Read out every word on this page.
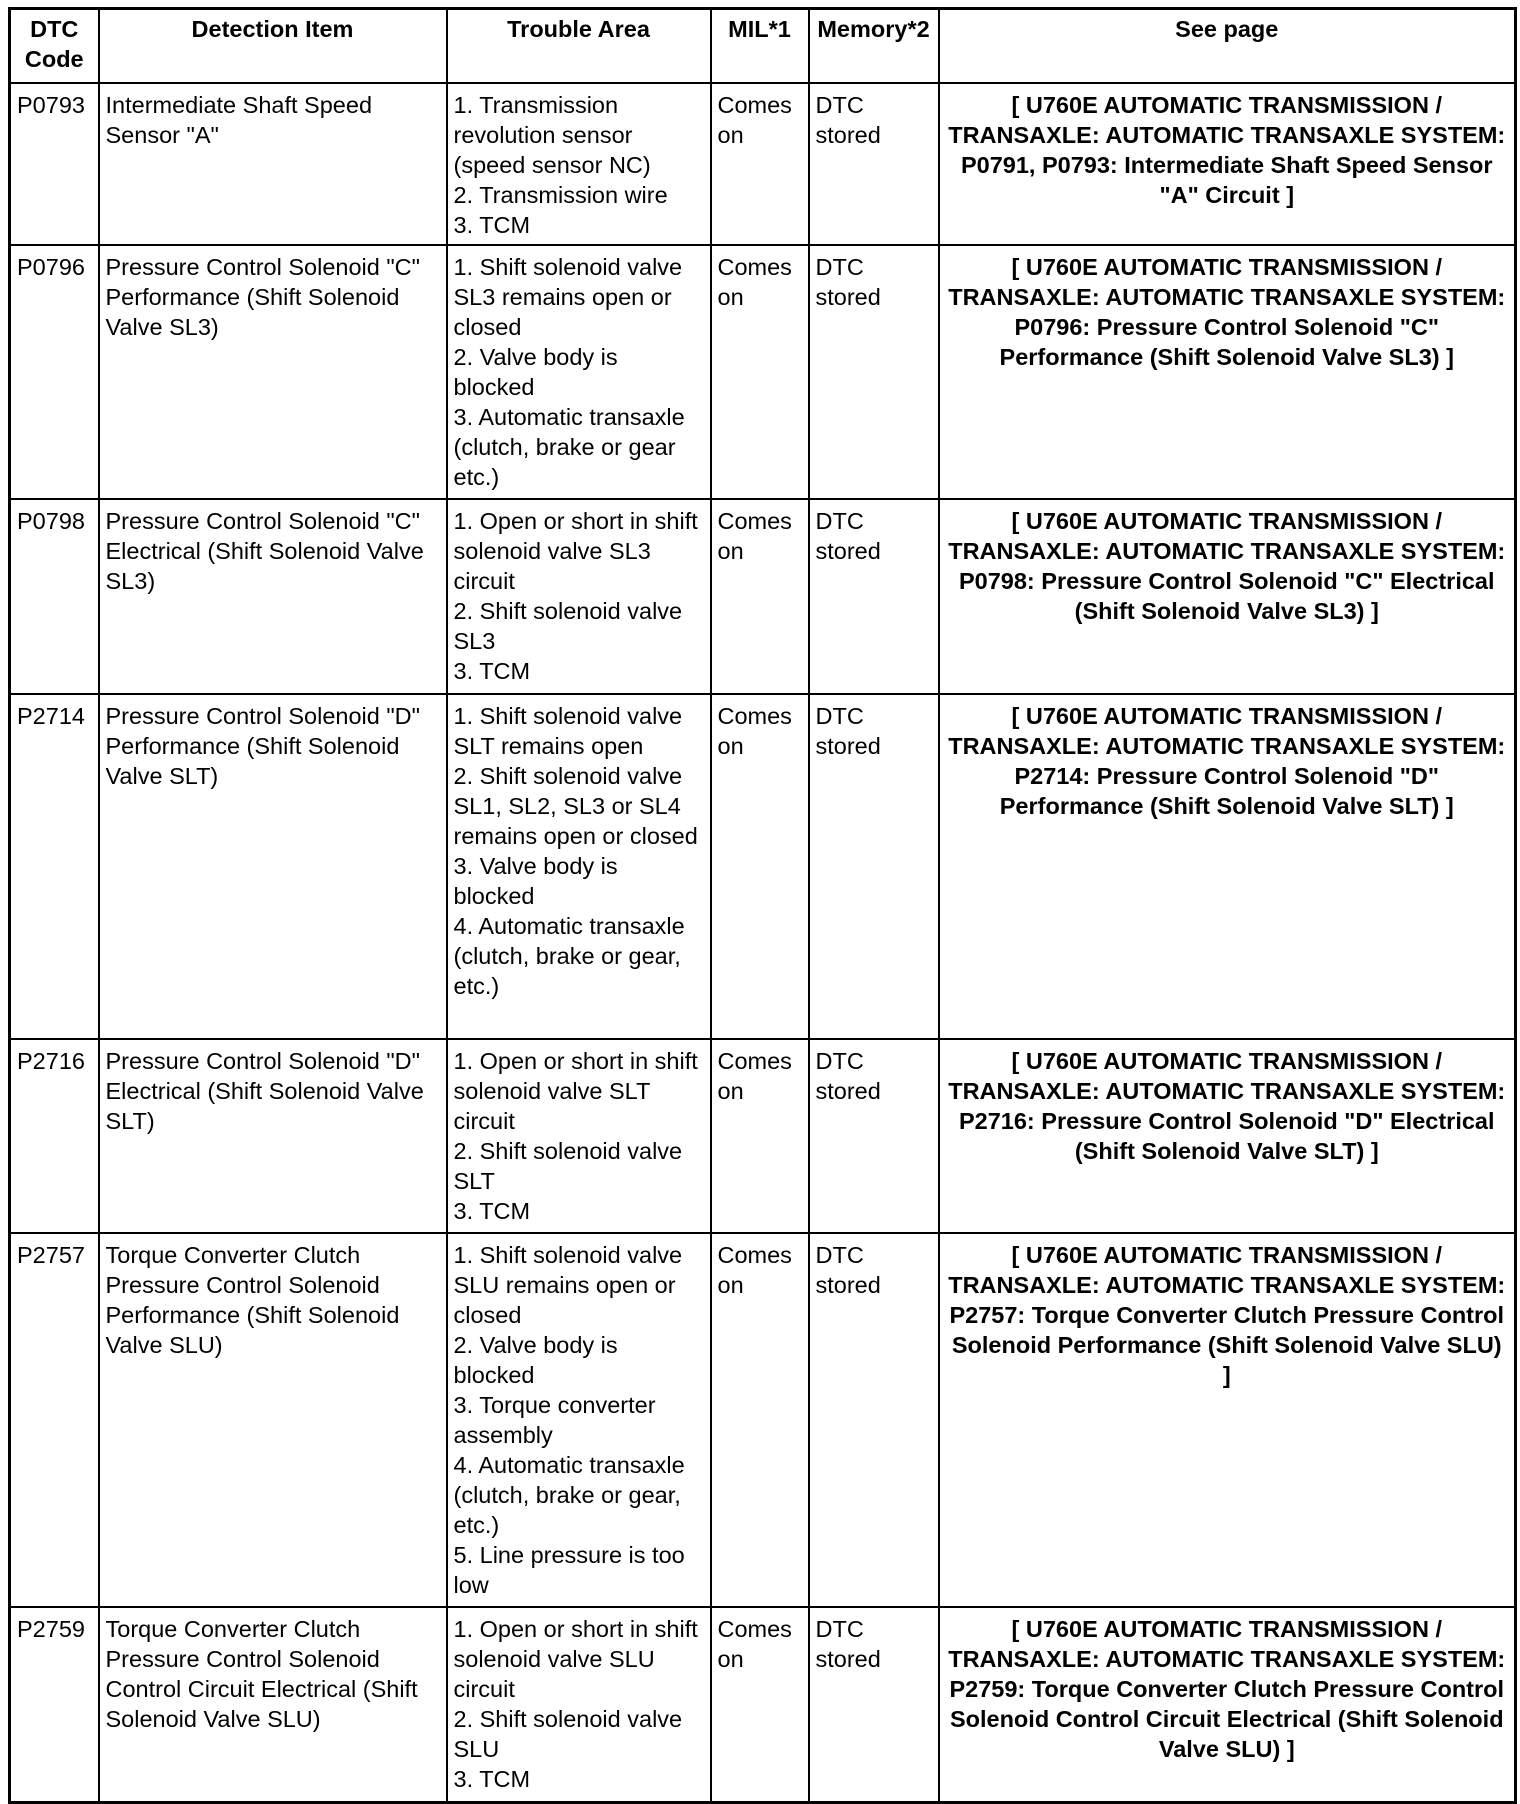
DTC Code	Detection Item	Trouble Area	MIL*1	Memory*2	See page
P0793	Intermediate Shaft Speed Sensor "A"	1. Transmission revolution sensor (speed sensor NC)
2. Transmission wire
3. TCM	Comes on	DTC stored	[ U760E AUTOMATIC TRANSMISSION / TRANSAXLE: AUTOMATIC TRANSAXLE SYSTEM: P0791, P0793: Intermediate Shaft Speed Sensor "A" Circuit ]
P0796	Pressure Control Solenoid "C" Performance (Shift Solenoid Valve SL3)	1. Shift solenoid valve SL3 remains open or closed
2. Valve body is blocked
3. Automatic transaxle (clutch, brake or gear etc.)	Comes on	DTC stored	[ U760E AUTOMATIC TRANSMISSION / TRANSAXLE: AUTOMATIC TRANSAXLE SYSTEM: P0796: Pressure Control Solenoid "C" Performance (Shift Solenoid Valve SL3) ]
P0798	Pressure Control Solenoid "C" Electrical (Shift Solenoid Valve SL3)	1. Open or short in shift solenoid valve SL3 circuit
2. Shift solenoid valve SL3
3. TCM	Comes on	DTC stored	[ U760E AUTOMATIC TRANSMISSION / TRANSAXLE: AUTOMATIC TRANSAXLE SYSTEM: P0798: Pressure Control Solenoid "C" Electrical (Shift Solenoid Valve SL3) ]
P2714	Pressure Control Solenoid "D" Performance (Shift Solenoid Valve SLT)	1. Shift solenoid valve SLT remains open
2. Shift solenoid valve SL1, SL2, SL3 or SL4 remains open or closed
3. Valve body is blocked
4. Automatic transaxle (clutch, brake or gear, etc.)	Comes on	DTC stored	[ U760E AUTOMATIC TRANSMISSION / TRANSAXLE: AUTOMATIC TRANSAXLE SYSTEM: P2714: Pressure Control Solenoid "D" Performance (Shift Solenoid Valve SLT) ]
P2716	Pressure Control Solenoid "D" Electrical (Shift Solenoid Valve SLT)	1. Open or short in shift solenoid valve SLT circuit
2. Shift solenoid valve SLT
3. TCM	Comes on	DTC stored	[ U760E AUTOMATIC TRANSMISSION / TRANSAXLE: AUTOMATIC TRANSAXLE SYSTEM: P2716: Pressure Control Solenoid "D" Electrical (Shift Solenoid Valve SLT) ]
P2757	Torque Converter Clutch Pressure Control Solenoid Performance (Shift Solenoid Valve SLU)	1. Shift solenoid valve SLU remains open or closed
2. Valve body is blocked
3. Torque converter assembly
4. Automatic transaxle (clutch, brake or gear, etc.)
5. Line pressure is too low	Comes on	DTC stored	[ U760E AUTOMATIC TRANSMISSION / TRANSAXLE: AUTOMATIC TRANSAXLE SYSTEM: P2757: Torque Converter Clutch Pressure Control Solenoid Performance (Shift Solenoid Valve SLU) ]
P2759	Torque Converter Clutch Pressure Control Solenoid Control Circuit Electrical (Shift Solenoid Valve SLU)	1. Open or short in shift solenoid valve SLU circuit
2. Shift solenoid valve SLU
3. TCM	Comes on	DTC stored	[ U760E AUTOMATIC TRANSMISSION / TRANSAXLE: AUTOMATIC TRANSAXLE SYSTEM: P2759: Torque Converter Clutch Pressure Control Solenoid Control Circuit Electrical (Shift Solenoid Valve SLU) ]
